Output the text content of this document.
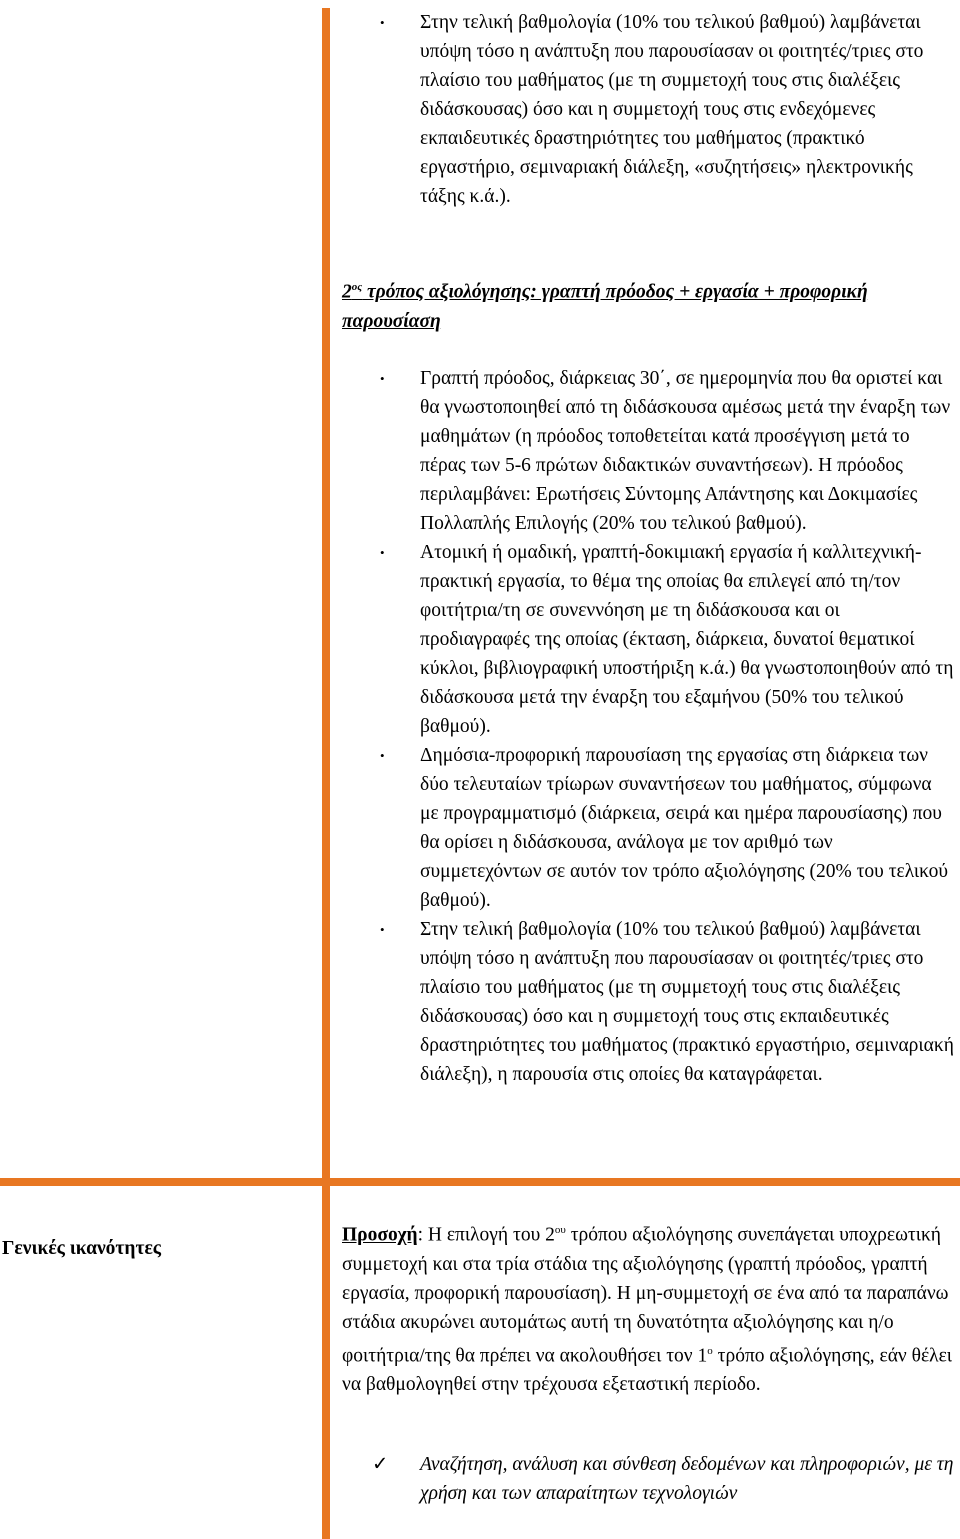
• Στην τελική βαθμολογία (10% του τελικού βαθμού) λαμβάνεται υπόψη τόσο η ανάπτυξη που παρουσίασαν οι φοιτητές/τριες στο πλαίσιο του μαθήματος (με τη συμμετοχή τους στις διαλέξεις διδάσκουσας) όσο και η συμμετοχή τους στις ενδεχόμενες εκπαιδευτικές δραστηριότητες του μαθήματος (πρακτικό εργαστήριο, σεμιναριακή διάλεξη, «συζητήσεις» ηλεκτρονικής τάξης κ.ά.).
$2^{o\varsigma}$ τρόπος αξιολόγησης: γραπτή πρόοδος + εργασία + προφορική παρουσίαση
• Γραπτή πρόοδος, διάρκειας 30΄, σε ημερομηνία που θα οριστεί και θα γνωστοποιηθεί από τη διδάσκουσα αμέσως μετά την έναρξη των μαθημάτων (η πρόοδος τοποθετείται κατά προσέγγιση μετά το πέρας των 5-6 πρώτων διδακτικών συναντήσεων). Η πρόοδος περιλαμβάνει: Ερωτήσεις Σύντομης Απάντησης και Δοκιμασίες Πολλαπλής Επιλογής (20% του τελικού βαθμού).
• Ατομική ή ομαδική, γραπτή-δοκιμιακή εργασία ή καλλιτεχνική-πρακτική εργασία, το θέμα της οποίας θα επιλεγεί από τη/τον φοιτήτρια/τη σε συνεννόηση με τη διδάσκουσα και οι προδιαγραφές της οποίας (έκταση, διάρκεια, δυνατοί θεματικοί κύκλοι, βιβλιογραφική υποστήριξη κ.ά.) θα γνωστοποιηθούν από τη διδάσκουσα μετά την έναρξη του εξαμήνου (50% του τελικού βαθμού).
• Δημόσια-προφορική παρουσίαση της εργασίας στη διάρκεια των δύο τελευταίων τρίωρων συναντήσεων του μαθήματος, σύμφωνα με προγραμματισμό (διάρκεια, σειρά και ημέρα παρουσίασης) που θα ορίσει η διδάσκουσα, ανάλογα με τον αριθμό των συμμετεχόντων σε αυτόν τον τρόπο αξιολόγησης (20% του τελικού βαθμού).
• Στην τελική βαθμολογία (10% του τελικού βαθμού) λαμβάνεται υπόψη τόσο η ανάπτυξη που παρουσίασαν οι φοιτητές/τριες στο πλαίσιο του μαθήματος (με τη συμμετοχή τους στις διαλέξεις διδάσκουσας) όσο και η συμμετοχή τους στις εκπαιδευτικές δραστηριότητες του μαθήματος (πρακτικό εργαστήριο, σεμιναριακή διάλεξη), η παρουσία στις οποίες θα καταγράφεται.
Γενικές ικανότητες
Προσοχή: Η επιλογή του $2^{o\upsilon}$ τρόπου αξιολόγησης συνεπάγεται υποχρεωτική συμμετοχή και στα τρία στάδια της αξιολόγησης (γραπτή πρόοδος, γραπτή εργασία, προφορική παρουσίαση). Η μη-συμμετοχή σε ένα από τα παραπάνω στάδια ακυρώνει αυτομάτως αυτή τη δυνατότητα αξιολόγησης και η/ο φοιτήτρια/της θα πρέπει να ακολουθήσει τον $1^o$ τρόπο αξιολόγησης, εάν θέλει να βαθμολογηθεί στην τρέχουσα εξεταστική περίοδο.
✓ Αναζήτηση, ανάλυση και σύνθεση δεδομένων και πληροφοριών, με τη χρήση και των απαραίτητων τεχνολογιών
